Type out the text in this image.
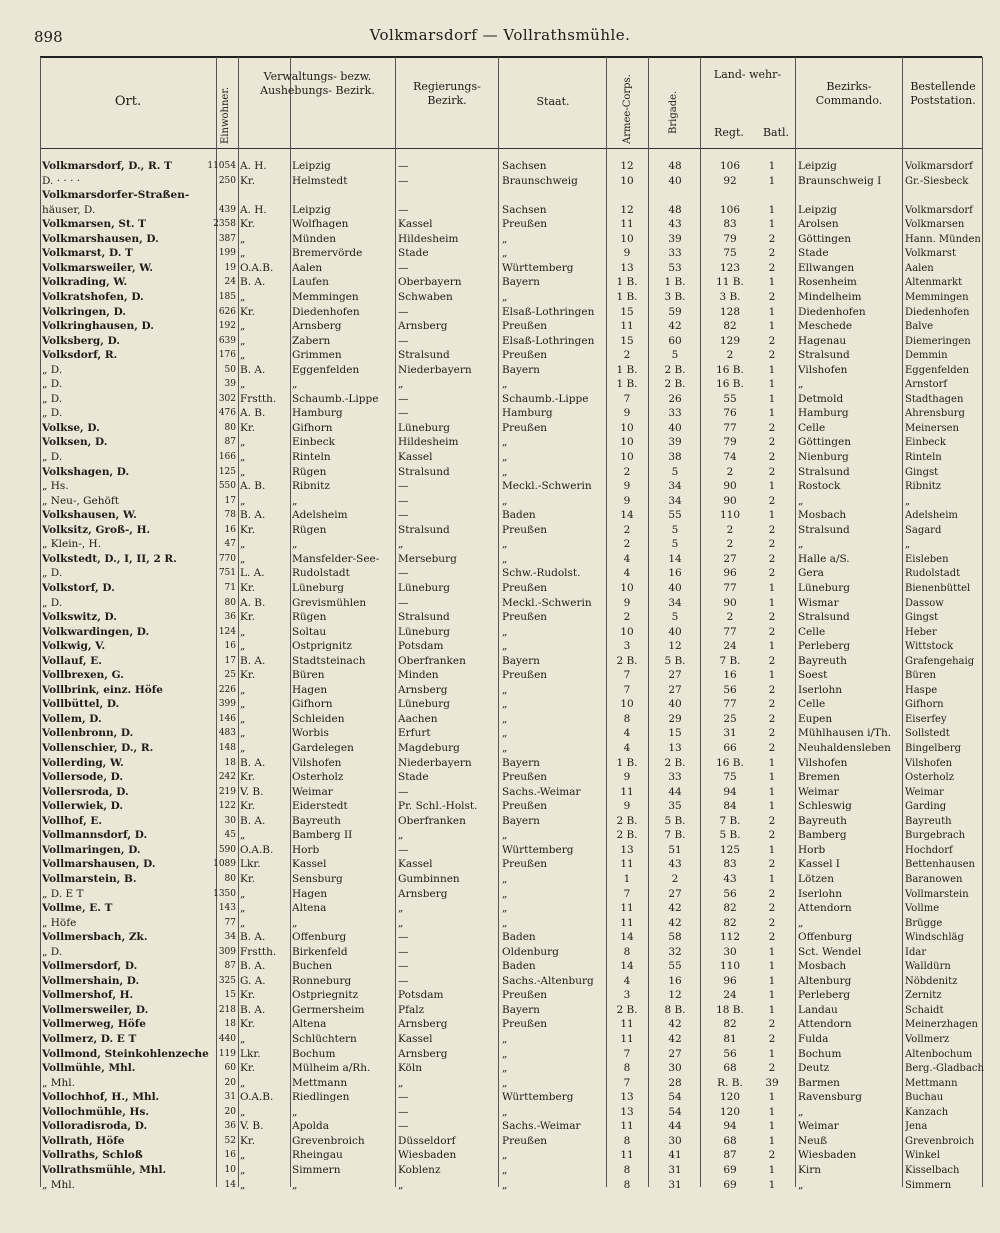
898	Volkmarsdorf — Vollrathsmühle.
Ort.	Einwohner.
Verwaltungs- bezw. Aushebungs- Bezirk.	Regierungs- Bezirk.	Staat.	Armee-Corps.	Brigade.
Land- wehr-
Regt.	Batl.
Bezirks- Commando.
Bestellende Poststation.
Volkmarsdorf, D., R. T	11054 A. H.	Leipzig	—	Sachsen	12	48	106	1	Leipzig	Volkmarsdorf
D. · · · ·	250 Kr.	Helmstedt	—	Braunschweig	10	40	92	1	Braunschweig I	Gr.-Siesbeck
Volkmarsdorfer-Straßen-
häuser, D.	439 A. H.	Leipzig	—	Sachsen	12	48	106	1	Leipzig	Volkmarsdorf
Volkmarsen, St. T	2358 Kr.	Wolfhagen	Kassel	Preußen	11	43	83	1	Arolsen	Volkmarsen
Volkmarshausen, D.	387 „	Münden	Hildesheim	„	10	39	79	2	Göttingen	Hann. Münden
Volkmarst, D. T	199 „	Bremervörde	Stade	„	9	33	75	2	Stade	Volkmarst
Volkmarsweiler, W.	19 O.A.B.	Aalen	—	Württemberg	13	53	123	2	Ellwangen	Aalen
Volkrading, W.	24 B. A.	Laufen	Oberbayern	Bayern	1 B.	1 B.	11 B.	1	Rosenheim	Altenmarkt
Volkratshofen, D.	185 „	Memmingen	Schwaben	„	1 B.	3 B.	3 B.	2	Mindelheim	Memmingen
Volkringen, D.	626 Kr.	Diedenhofen	—	Elsaß-Lothringen	15	59	128	1	Diedenhofen	Diedenhofen
Volkringhausen, D.	192 „	Arnsberg	Arnsberg	Preußen	11	42	82	1	Meschede	Balve
Volksberg, D.	639 „	Zabern	—	Elsaß-Lothringen	15	60	129	2	Hagenau	Diemeringen
Volksdorf, R.	176 „	Grimmen	Stralsund	Preußen	2	5	2	2	Stralsund	Demmin
„ D.	50 B. A.	Eggenfelden	Niederbayern	Bayern	1 B.	2 B.	16 B.	1	Vilshofen	Eggenfelden
„ D.	39 „	„	„	„	1 B.	2 B.	16 B.	1	„	Arnstorf
„ D.	302 Frstth.	Schaumb.-Lippe	—	Schaumb.-Lippe	7	26	55	1	Detmold	Stadthagen
„ D.	476 A. B.	Hamburg	—	Hamburg	9	33	76	1	Hamburg	Ahrensburg
Volkse, D.	80 Kr.	Gifhorn	Lüneburg	Preußen	10	40	77	2	Celle	Meinersen
Volksen, D.	87 „	Einbeck	Hildesheim	„	10	39	79	2	Göttingen	Einbeck
„ D.	166 „	Rinteln	Kassel	„	10	38	74	2	Nienburg	Rinteln
Volkshagen, D.	125 „	Rügen	Stralsund	„	2	5	2	2	Stralsund	Gingst
„ Hs.	550 A. B.	Ribnitz	—	Meckl.-Schwerin	9	34	90	1	Rostock	Ribnitz
„ Neu-, Gehöft	17 „	„	—	„	9	34	90	2	„	„
Volkshausen, W.	78 B. A.	Adelsheim	—	Baden	14	55	110	1	Mosbach	Adelsheim
Volksitz, Groß-, H.	16 Kr.	Rügen	Stralsund	Preußen	2	5	2	2	Stralsund	Sagard
„ Klein-, H.	47 „	„	„	„	2	5	2	2	„	„
Volkstedt, D., I, II, 2 R.	770 „	Mansfelder-See-	Merseburg	„	4	14	27	2	Halle a/S.	Eisleben
„ D.	751 L. A.	Rudolstadt	—	Schw.-Rudolst.	4	16	96	2	Gera	Rudolstadt
Volkstorf, D.	71 Kr.	Lüneburg	Lüneburg	Preußen	10	40	77	1	Lüneburg	Bienenbüttel
„ D.	80 A. B.	Grevismühlen	—	Meckl.-Schwerin	9	34	90	1	Wismar	Dassow
Volkswitz, D.	36 Kr.	Rügen	Stralsund	Preußen	2	5	2	2	Stralsund	Gingst
Volkwardingen, D.	124 „	Soltau	Lüneburg	„	10	40	77	2	Celle	Heber
Volkwig, V.	16 „	Ostprignitz	Potsdam	„	3	12	24	1	Perleberg	Wittstock
Vollauf, E.	17 B. A.	Stadtsteinach	Oberfranken	Bayern	2 B.	5 B.	7 B.	2	Bayreuth	Grafengehaig
Vollbrexen, G.	25 Kr.	Büren	Minden	Preußen	7	27	16	1	Soest	Büren
Vollbrink, einz. Höfe	226 „	Hagen	Arnsberg	„	7	27	56	2	Iserlohn	Haspe
Vollbüttel, D.	399 „	Gifhorn	Lüneburg	„	10	40	77	2	Celle	Gifhorn
Vollem, D.	146 „	Schleiden	Aachen	„	8	29	25	2	Eupen	Eiserfey
Vollenbronn, D.	483 „	Worbis	Erfurt	„	4	15	31	2	Mühlhausen i/Th.	Sollstedt
Vollenschier, D., R.	148 „	Gardelegen	Magdeburg	„	4	13	66	2	Neuhaldensleben	Bingelberg
Vollerding, W.	18 B. A.	Vilshofen	Niederbayern	Bayern	1 B.	2 B.	16 B.	1	Vilshofen	Vilshofen
Vollersode, D.	242 Kr.	Osterholz	Stade	Preußen	9	33	75	1	Bremen	Osterholz
Vollersroda, D.	219 V. B.	Weimar	—	Sachs.-Weimar	11	44	94	1	Weimar	Weimar
Vollerwiek, D.	122 Kr.	Eiderstedt	Pr. Schl.-Holst.	Preußen	9	35	84	1	Schleswig	Garding
Vollhof, E.	30 B. A.	Bayreuth	Oberfranken	Bayern	2 B.	5 B.	7 B.	2	Bayreuth	Bayreuth
Vollmannsdorf, D.	45 „	Bamberg II	„	„	2 B.	7 B.	5 B.	2	Bamberg	Burgebrach
Vollmaringen, D.	590 O.A.B.	Horb	—	Württemberg	13	51	125	1	Horb	Hochdorf
Vollmarshausen, D.	1089 Lkr.	Kassel	Kassel	Preußen	11	43	83	2	Kassel I	Bettenhausen
Vollmarstein, B.	80 Kr.	Sensburg	Gumbinnen	„	1	2	43	1	Lötzen	Baranowen
„ D. E T	1350 „	Hagen	Arnsberg	„	7	27	56	2	Iserlohn	Vollmarstein
Vollme, E. T	143 „	Altena	„	„	11	42	82	2	Attendorn	Vollme
„ Höfe	77 „	„	„	„	11	42	82	2	„	Brügge
Vollmersbach, Zk.	34 B. A.	Offenburg	—	Baden	14	58	112	2	Offenburg	Windschläg
„ D.	309 Frstth.	Birkenfeld	—	Oldenburg	8	32	30	1	Sct. Wendel	Idar
Vollmersdorf, D.	87 B. A.	Buchen	—	Baden	14	55	110	1	Mosbach	Walldürn
Vollmershain, D.	325 G. A.	Ronneburg	—	Sachs.-Altenburg	4	16	96	1	Altenburg	Nöbdenitz
Vollmershof, H.	15 Kr.	Ostpriegnitz	Potsdam	Preußen	3	12	24	1	Perleberg	Zernitz
Vollmersweiler, D.	218 B. A.	Germersheim	Pfalz	Bayern	2 B.	8 B.	18 B.	1	Landau	Schaidt
Vollmerweg, Höfe	18 Kr.	Altena	Arnsberg	Preußen	11	42	82	2	Attendorn	Meinerzhagen
Vollmerz, D. E T	440 „	Schlüchtern	Kassel	„	11	42	81	2	Fulda	Vollmerz
Vollmond, Steinkohlenzeche	119 Lkr.	Bochum	Arnsberg	„	7	27	56	1	Bochum	Altenbochum
Vollmühle, Mhl.	60 Kr.	Mülheim a/Rh.	Köln	„	8	30	68	2	Deutz	Berg.-Gladbach
„ Mhl.	20 „	Mettmann	„	„	7	28	R. B.	39	Barmen	Mettmann
Vollochhof, H., Mhl.	31 O.A.B.	Riedlingen	—	Württemberg	13	54	120	1	Ravensburg	Buchau
Vollochmühle, Hs.	20 „	„	—	„	13	54	120	1	„	Kanzach
Volloradisroda, D.	36 V. B.	Apolda	—	Sachs.-Weimar	11	44	94	1	Weimar	Jena
Vollrath, Höfe	52 Kr.	Grevenbroich	Düsseldorf	Preußen	8	30	68	1	Neuß	Grevenbroich
Vollraths, Schloß	16 „	Rheingau	Wiesbaden	„	11	41	87	2	Wiesbaden	Winkel
Vollrathsmühle, Mhl.	10 „	Simmern	Koblenz	„	8	31	69	1	Kirn	Kisselbach
„ Mhl.	14 „	„	„	„	8	31	69	1	„	Simmern
